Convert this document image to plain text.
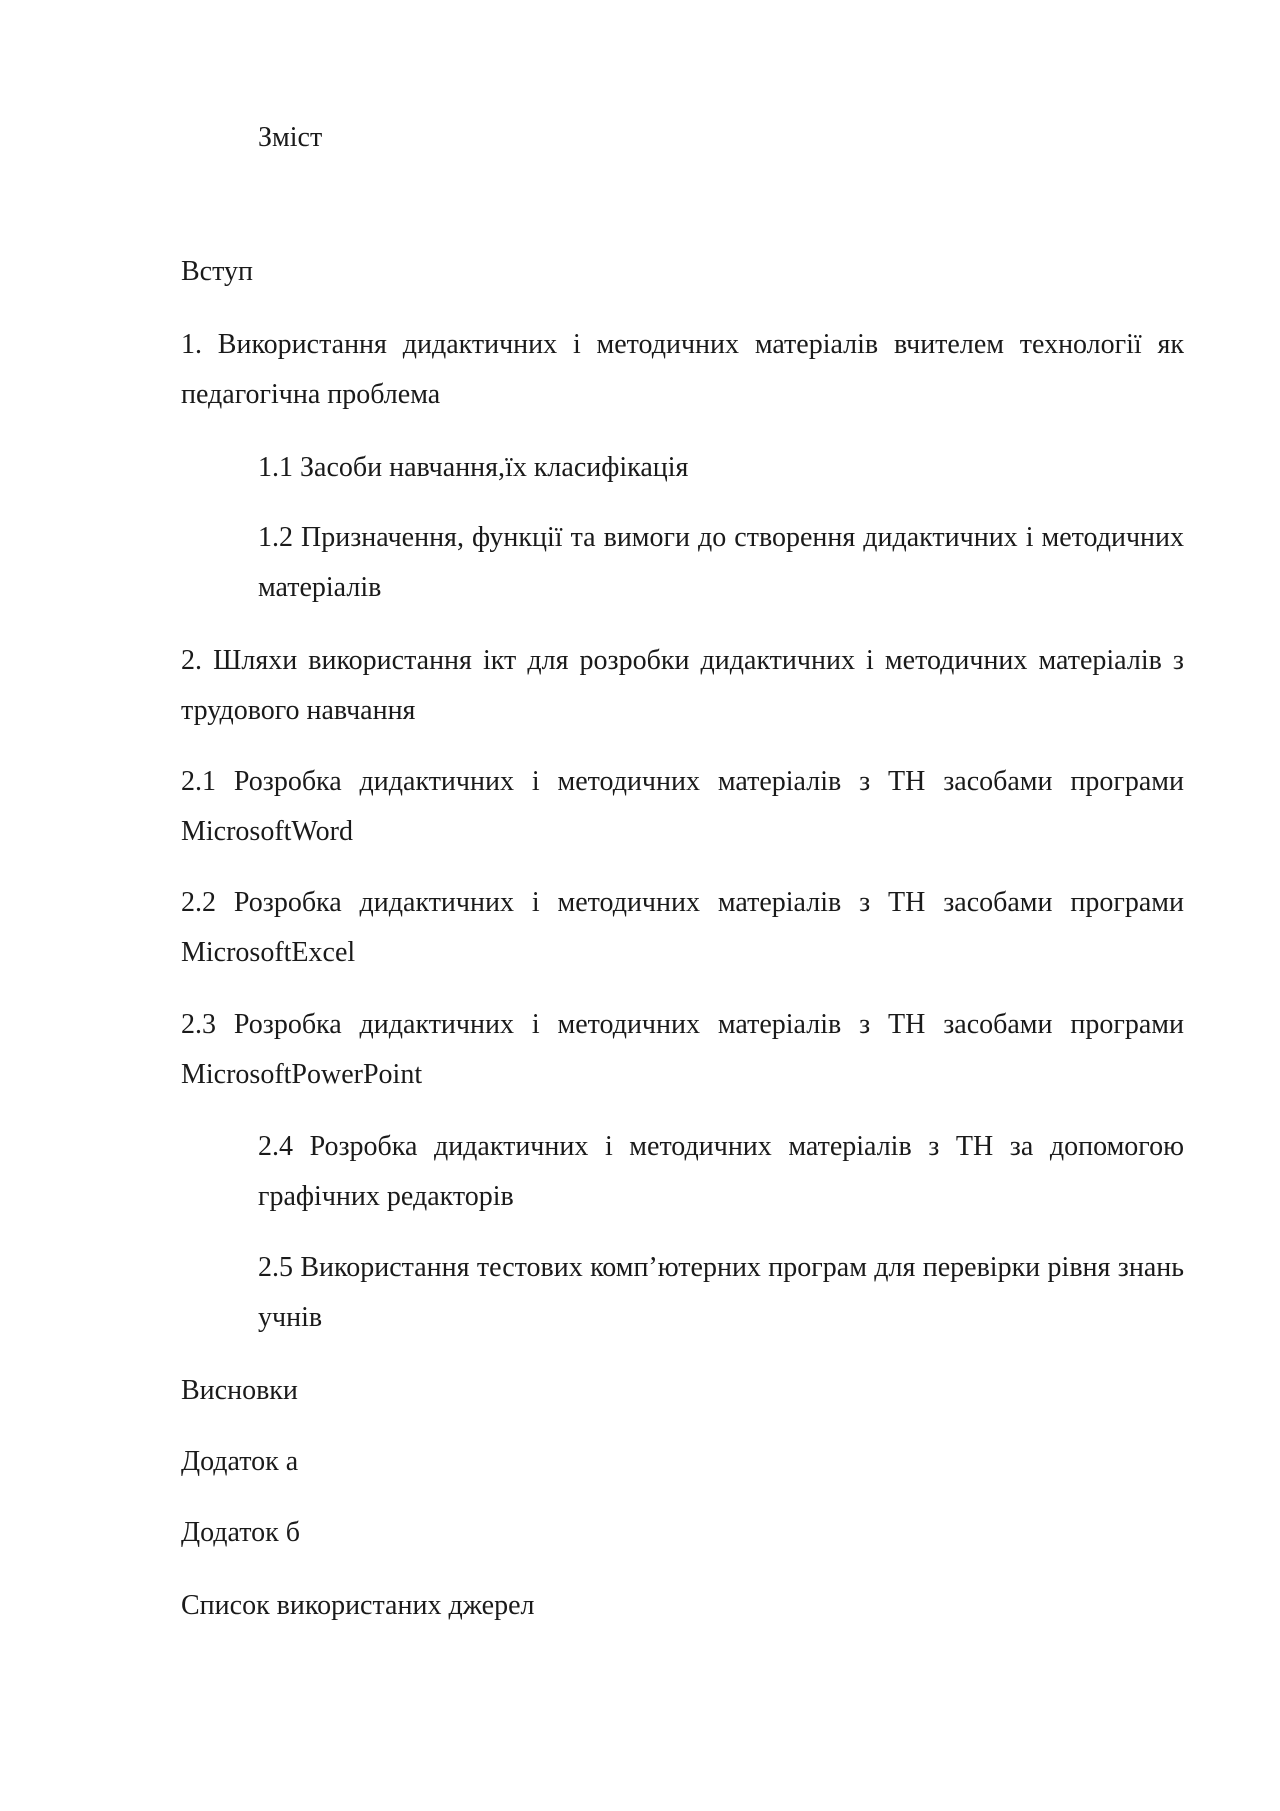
Зміст

Вступ

1. Використання дидактичних і методичних матеріалів вчителем технології як педагогічна проблема

1.1 Засоби навчання,їх класифікація

1.2 Призначення, функції та вимоги до створення дидактичних і методичних матеріалів

2. Шляхи використання ікт для розробки дидактичних і методичних матеріалів з трудового навчання

2.1 Розробка дидактичних і методичних матеріалів з ТН засобами програми MicrosoftWord

2.2 Розробка дидактичних і методичних матеріалів з ТН засобами програми MicrosoftExcel

2.3 Розробка дидактичних і методичних матеріалів з ТН засобами програми MicrosoftPowerPoint

2.4 Розробка дидактичних і методичних матеріалів з ТН за допомогою графічних редакторів

2.5 Використання тестових комп’ютерних програм для перевірки рівня знань учнів

Висновки

Додаток а

Додаток б

Список використаних джерел
